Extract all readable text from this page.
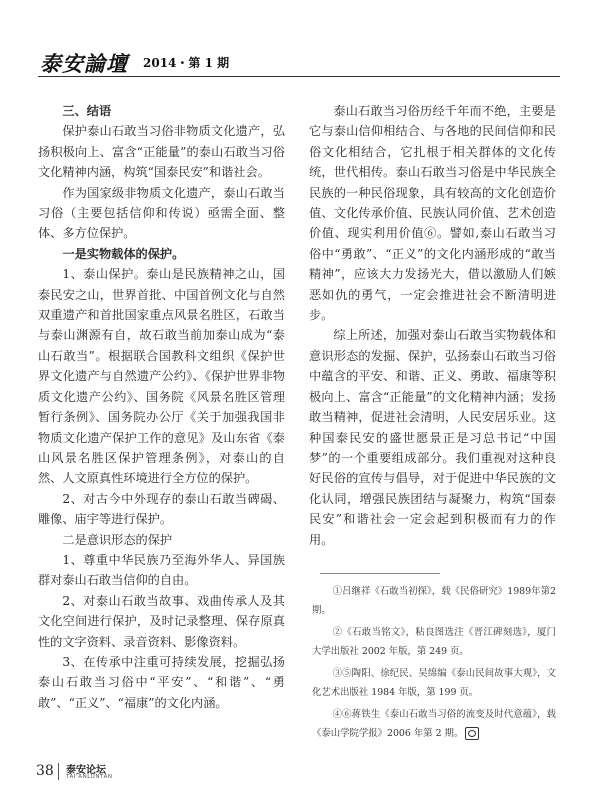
泰安論壇 2014・第 1 期

三、结语

保护泰山石敢当习俗非物质文化遗产，弘扬积极向上、富含“正能量”的泰山石敢当习俗文化精神内涵，构筑“国泰民安”和谐社会。

作为国家级非物质文化遗产，泰山石敢当习俗（主要包括信仰和传说）亟需全面、整体、多方位保护。

一是实物载体的保护。

1、泰山保护。泰山是民族精神之山，国泰民安之山，世界首批、中国首例文化与自然双重遗产和首批国家重点风景名胜区，石敢当与泰山渊源有自，故石敢当前加泰山成为“泰山石敢当”。根据联合国教科文组织《保护世界文化遗产与自然遗产公约》、《保护世界非物质文化遗产公约》、国务院《风景名胜区管理暂行条例》、国务院办公厅《关于加强我国非物质文化遗产保护工作的意见》及山东省《泰山风景名胜区保护管理条例》，对泰山的自然、人文原真性环境进行全方位的保护。

2、对古今中外现存的泰山石敢当碑碣、雕像、庙宇等进行保护。

二是意识形态的保护

1、尊重中华民族乃至海外华人、异国族群对泰山石敢当信仰的自由。

2、对泰山石敢当故事、戏曲传承人及其文化空间进行保护，及时记录整理、保存原真性的文字资料、录音资料、影像资料。

3、在传承中注重可持续发展，挖掘弘扬泰山石敢当习俗中“平安”、“和谐”、“勇敢”、“正义”、“福康”的文化内涵。

泰山石敢当习俗历经千年而不绝，主要是它与泰山信仰相结合、与各地的民间信仰和民俗文化相结合，它扎根于相关群体的文化传统，世代相传。泰山石敢当习俗是中华民族全民族的一种民俗现象，具有较高的文化创造价值、文化传承价值、民族认同价值、艺术创造价值、现实利用价值⑥。譬如,泰山石敢当习俗中“勇敢”、“正义”的文化内涵形成的“敢当精神”，应该大力发扬光大，借以激励人们嫉恶如仇的勇气，一定会推进社会不断清明进步。

综上所述，加强对泰山石敢当实物载体和意识形态的发掘、保护，弘扬泰山石敢当习俗中蕴含的平安、和谐、正义、勇敢、福康等积极向上、富含“正能量”的文化精神内涵；发扬敢当精神，促进社会清明，人民安居乐业。这种国泰民安的盛世愿景正是习总书记“中国梦”的一个重要组成部分。我们重视对这种良好民俗的宣传与倡导，对于促进中华民族的文化认同，增强民族团结与凝聚力，构筑“国泰民安”和谐社会一定会起到积极而有力的作用。

①吕继祥《石敢当初探》，载《民俗研究》1989年第2期。

②《石敢当铭文》，粘良图选注《晋江碑刻选》，厦门大学出版社 2002 年版，第 249 页。

③⑤陶阳、徐纪民、吴绵编《泰山民间故事大观》，文化艺术出版社 1984 年版，第 199 页。

④⑥蒋铁生《泰山石敢当习俗的流变及时代意蕴》，载《泰山学院学报》2006 年第 2 期。

38 泰安论坛
TAI'ANLUNTAN
